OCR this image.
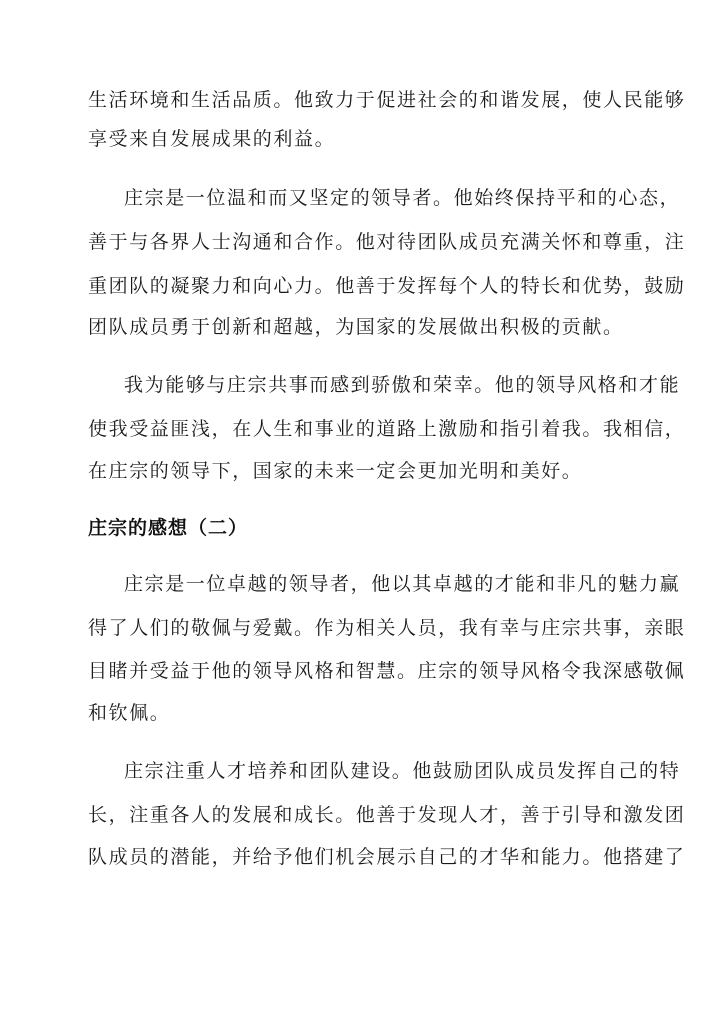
生活环境和生活品质。他致力于促进社会的和谐发展，使人民能够
享受来自发展成果的利益。
庄宗是一位温和而又坚定的领导者。他始终保持平和的心态，
善于与各界人士沟通和合作。他对待团队成员充满关怀和尊重，注
重团队的凝聚力和向心力。他善于发挥每个人的特长和优势，鼓励
团队成员勇于创新和超越，为国家的发展做出积极的贡献。
我为能够与庄宗共事而感到骄傲和荣幸。他的领导风格和才能
使我受益匪浅，在人生和事业的道路上激励和指引着我。我相信，
在庄宗的领导下，国家的未来一定会更加光明和美好。
庄宗的感想（二）
庄宗是一位卓越的领导者，他以其卓越的才能和非凡的魅力赢
得了人们的敬佩与爱戴。作为相关人员，我有幸与庄宗共事，亲眼
目睹并受益于他的领导风格和智慧。庄宗的领导风格令我深感敬佩
和钦佩。
庄宗注重人才培养和团队建设。他鼓励团队成员发挥自己的特
长，注重各人的发展和成长。他善于发现人才，善于引导和激发团
队成员的潜能，并给予他们机会展示自己的才华和能力。他搭建了
